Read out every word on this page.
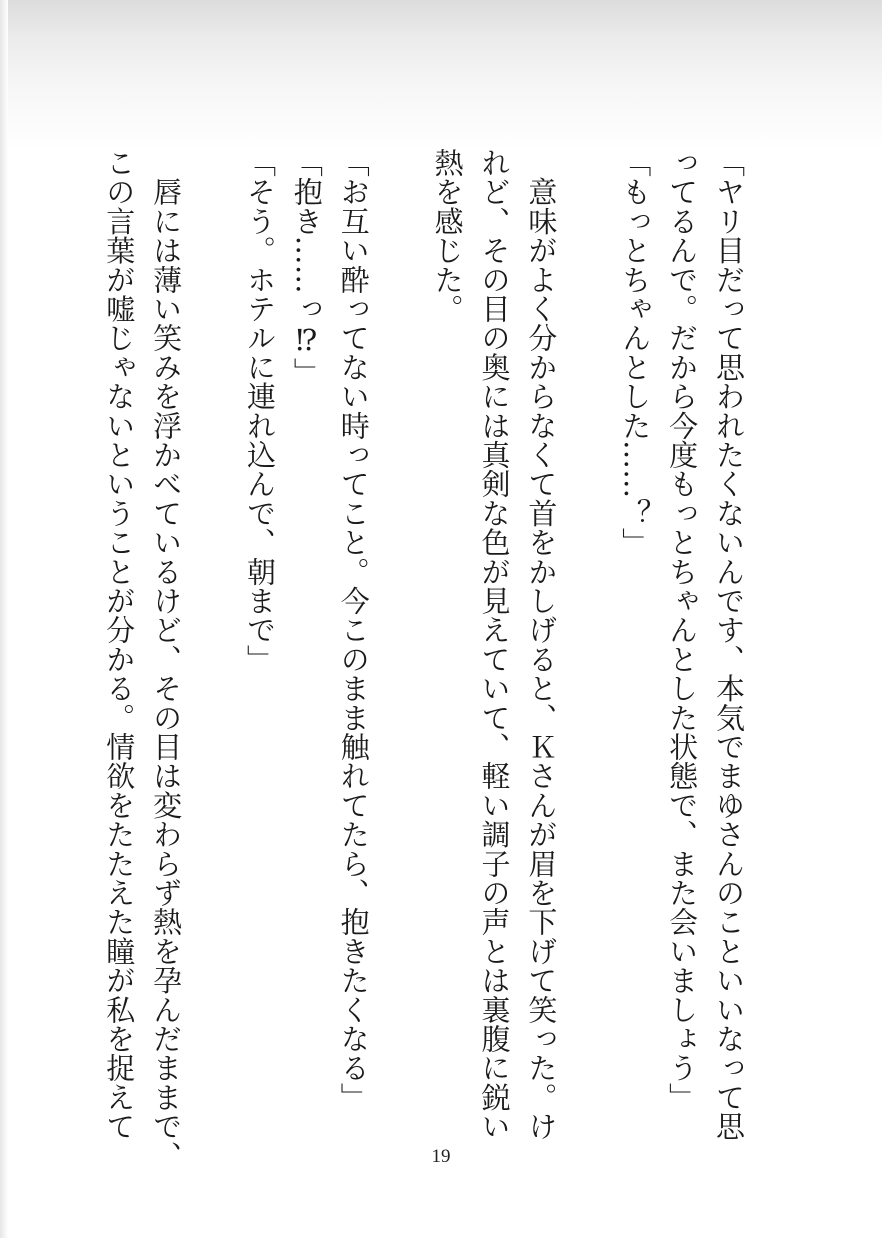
「ヤリ目だって思われたくないんです、本気でまゆさんのこといいなって思
ってるんで。だから今度もっとちゃんとした状態で、また会いましょう」
「もっとちゃんとした……？」

　意味がよく分からなくて首をかしげると、Ｋさんが眉を下げて笑った。け
れど、その目の奥には真剣な色が見えていて、軽い調子の声とは裏腹に鋭い
熱を感じた。

「お互い酔ってない時ってこと。今このまま触れてたら、抱きたくなる」
「抱き……っ⁉」
「そう。ホテルに連れ込んで、朝まで」

　唇には薄い笑みを浮かべているけど、その目は変わらず熱を孕んだままで、
この言葉が嘘じゃないということが分かる。情欲をたたえた瞳が私を捉えて
19
